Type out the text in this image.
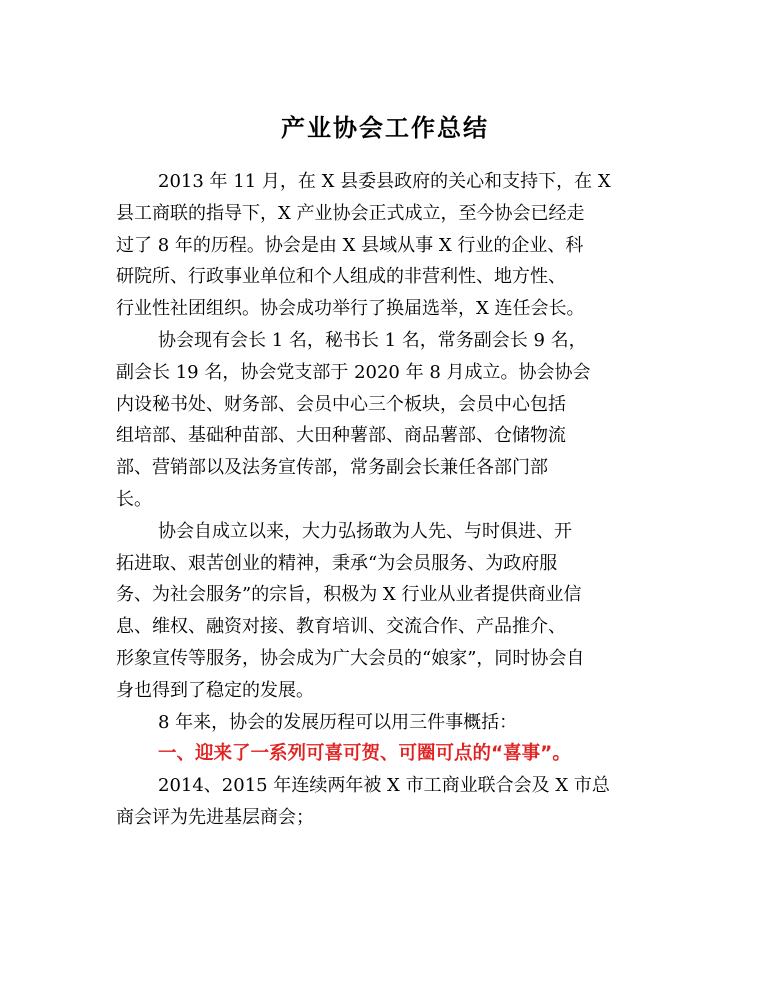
产业协会工作总结
2013 年 11 月，在 X 县委县政府的关心和支持下，在 X
县工商联的指导下，X 产业协会正式成立，至今协会已经走
过了 8 年的历程。协会是由 X 县域从事 X 行业的企业、科
研院所、行政事业单位和个人组成的非营利性、地方性、
行业性社团组织。协会成功举行了换届选举，X 连任会长。
协会现有会长 1 名，秘书长 1 名，常务副会长 9 名，
副会长 19 名，协会党支部于 2020 年 8 月成立。协会协会
内设秘书处、财务部、会员中心三个板块，会员中心包括
组培部、基础种苗部、大田种薯部、商品薯部、仓储物流
部、营销部以及法务宣传部，常务副会长兼任各部门部
长。
协会自成立以来，大力弘扬敢为人先、与时俱进、开
拓进取、艰苦创业的精神，秉承“为会员服务、为政府服
务、为社会服务”的宗旨，积极为 X 行业从业者提供商业信
息、维权、融资对接、教育培训、交流合作、产品推介、
形象宣传等服务，协会成为广大会员的“娘家”，同时协会自
身也得到了稳定的发展。
8 年来，协会的发展历程可以用三件事概括：
一、迎来了一系列可喜可贺、可圈可点的“喜事”。
2014、2015 年连续两年被 X 市工商业联合会及 X 市总
商会评为先进基层商会；
